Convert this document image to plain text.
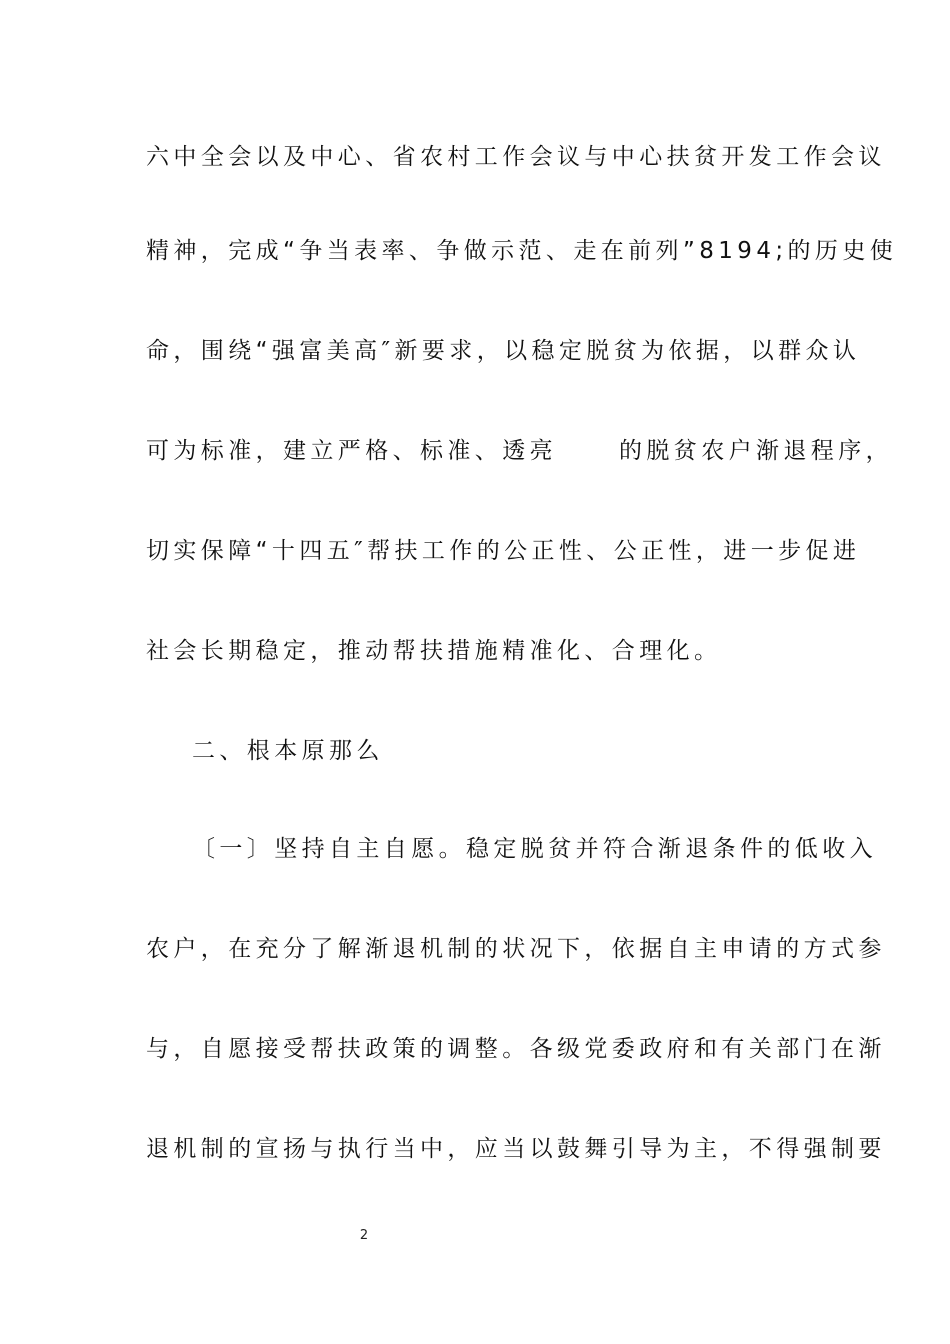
六中全会以及中心、省农村工作会议与中心扶贫开发工作会议
精神，完成“争当表率、争做示范、走在前列”8194;的历史使
命，围绕“强富美高″新要求，以稳定脱贫为依据，以群众认
可为标准，建立严格、标准、透亮	的脱贫农户渐退程序，
切实保障“十四五″帮扶工作的公正性、公正性，进一步促进
社会长期稳定，推动帮扶措施精准化、合理化。
二、根本原那么
〔一〕坚持自主自愿。稳定脱贫并符合渐退条件的低收入
农户，在充分了解渐退机制的状况下，依据自主申请的方式参
与，自愿接受帮扶政策的调整。各级党委政府和有关部门在渐
退机制的宣扬与执行当中，应当以鼓舞引导为主，不得强制要
2
